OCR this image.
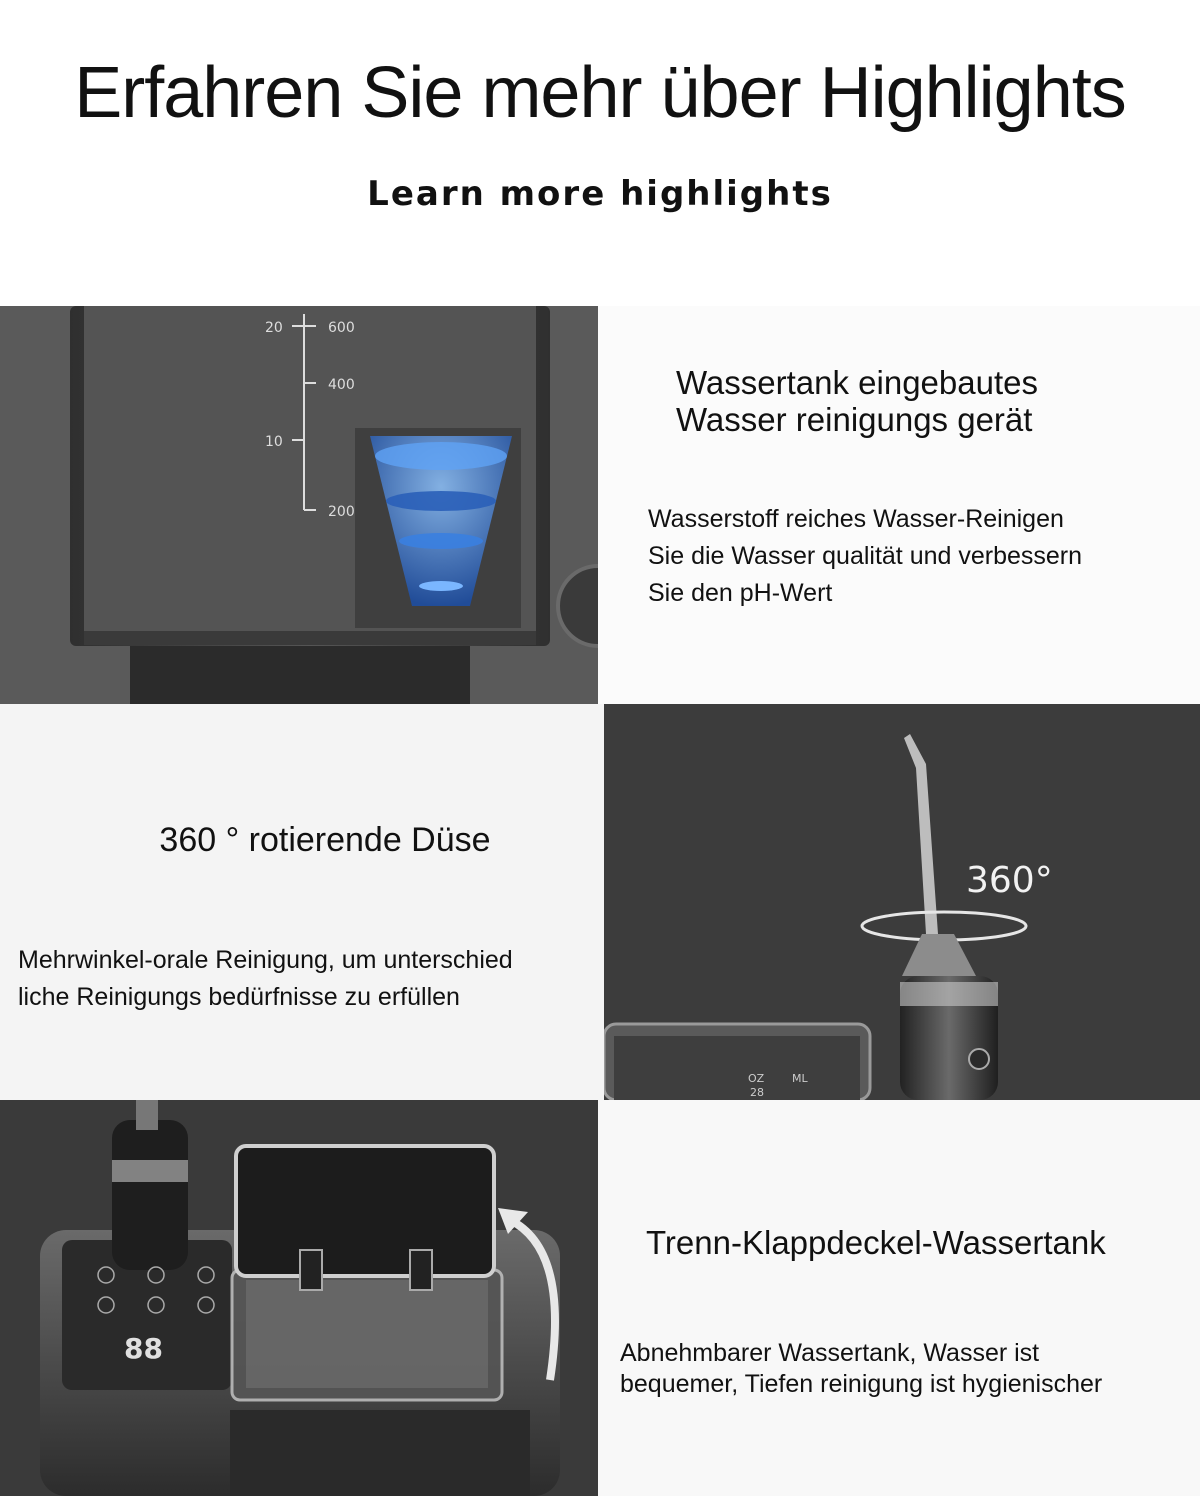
Erfahren Sie mehr über Highlights
Learn more highlights
20
10
600
400
200
Wassertank eingebautes
Wasser reinigungs gerät
Wasserstoff reiches Wasser-Reinigen
Sie die Wasser qualität und verbessern
Sie den pH-Wert
360 ° rotierende Düse
Mehrwinkel-orale Reinigung, um unterschied
liche Reinigungs bedürfnisse zu erfüllen
360°
OZ	ML
28
88
Trenn-Klappdeckel-Wassertank
Abnehmbarer Wassertank, Wasser ist
bequemer, Tiefen reinigung ist hygienischer
